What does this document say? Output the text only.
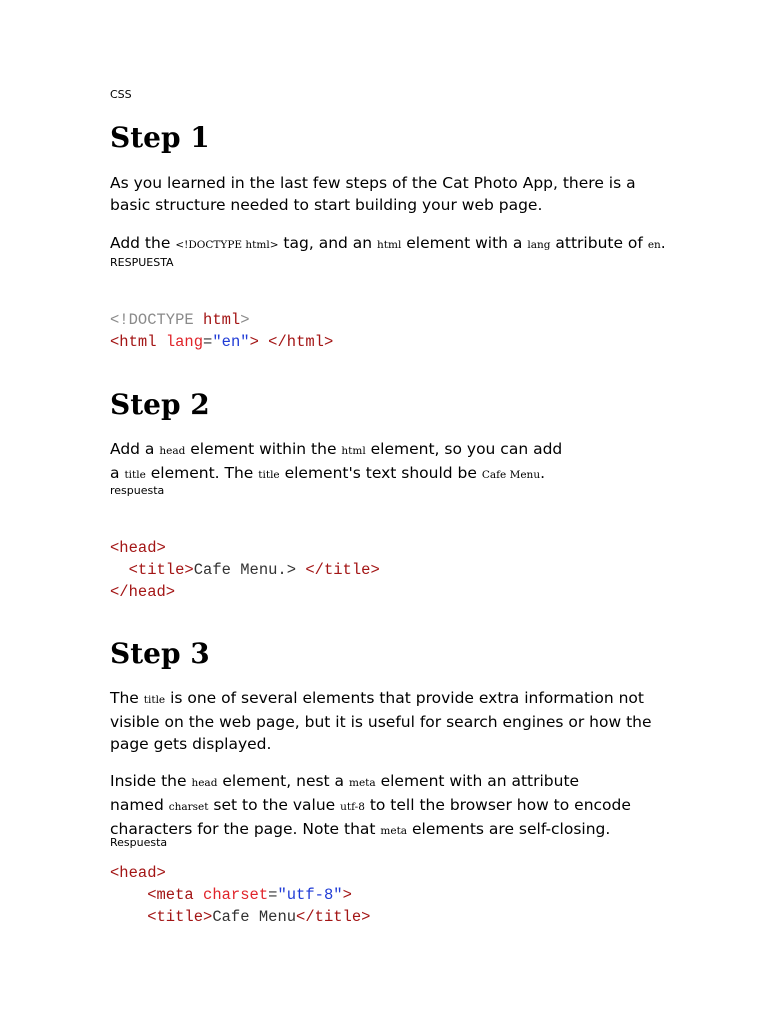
CSS
Step 1
As you learned in the last few steps of the Cat Photo App, there is a basic structure needed to start building your web page.
Add the <!DOCTYPE html> tag, and an html element with a lang attribute of en.
RESPUESTA
<!DOCTYPE html>
<html lang="en"> </html>
Step 2
Add a head element within the html element, so you can add
a title element. The title element's text should be Cafe Menu.
respuesta
<head>
<title>Cafe Menu.> </title>
</head>
Step 3
The title is one of several elements that provide extra information not visible on the web page, but it is useful for search engines or how the page gets displayed.
Inside the head element, nest a meta element with an attribute
named charset set to the value utf-8 to tell the browser how to encode characters for the page. Note that meta elements are self-closing.
Respuesta
<head>
<meta charset="utf-8">
<title>Cafe Menu</title>
